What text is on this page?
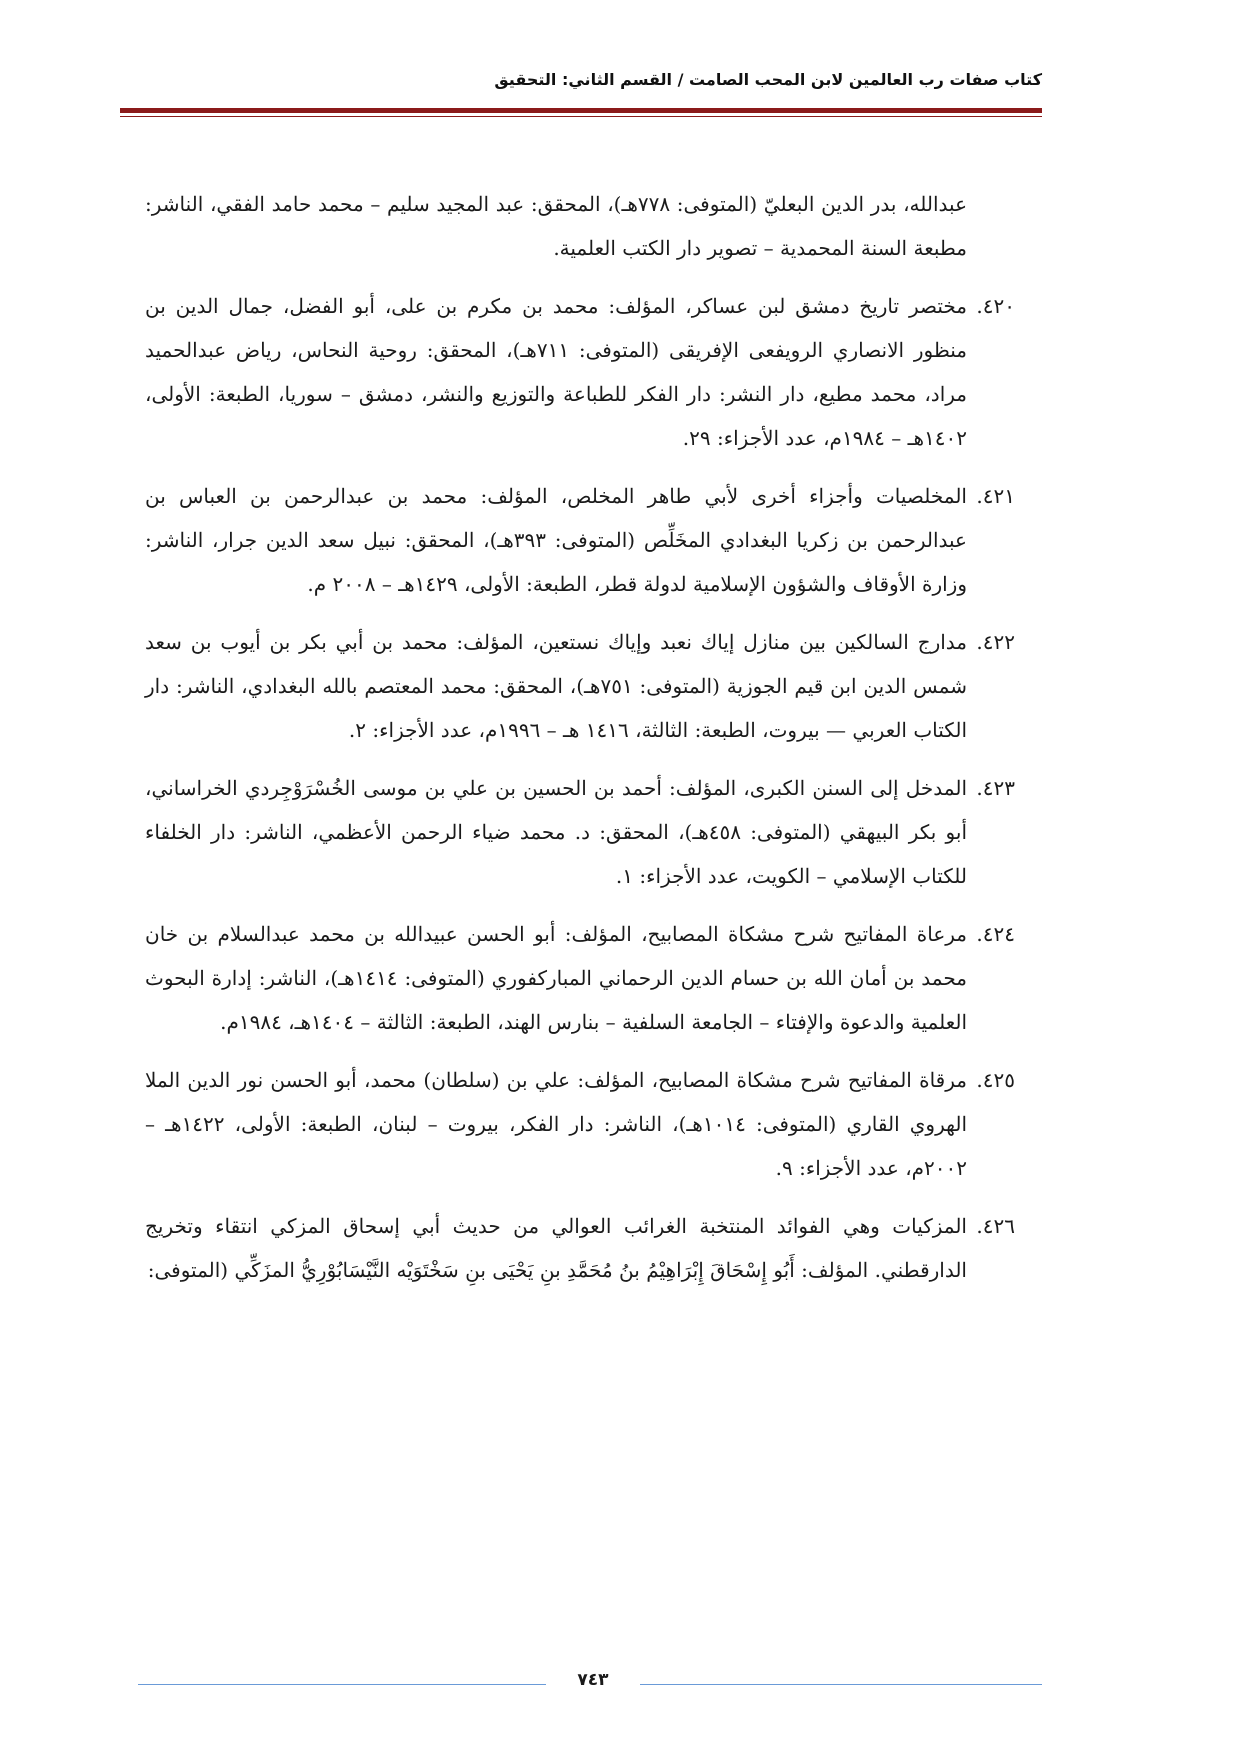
كتاب صفات رب العالمين لابن المحب الصامت / القسم الثاني: التحقيق
عبدالله، بدر الدين البعليّ (المتوفى: ٧٧٨هـ)، المحقق: عبد المجيد سليم – محمد حامد الفقي، الناشر: مطبعة السنة المحمدية – تصوير دار الكتب العلمية.
٤٢٠.
مختصر تاريخ دمشق لبن عساكر، المؤلف: محمد بن مكرم بن على، أبو الفضل، جمال الدين بن منظور الانصاري الرويفعى الإفريقى (المتوفى: ٧١١هـ)، المحقق: روحية النحاس، رياض عبدالحميد مراد، محمد مطيع، دار النشر: دار الفكر للطباعة والتوزيع والنشر، دمشق – سوريا، الطبعة: الأولى، ١٤٠٢هـ – ١٩٨٤م، عدد الأجزاء: ٢٩.
٤٢١.
المخلصيات وأجزاء أخرى لأبي طاهر المخلص، المؤلف: محمد بن عبدالرحمن بن العباس بن عبدالرحمن بن زكريا البغدادي المخَلِّص (المتوفى: ٣٩٣هـ)، المحقق: نبيل سعد الدين جرار، الناشر: وزارة الأوقاف والشؤون الإسلامية لدولة قطر، الطبعة: الأولى، ١٤٢٩هـ – ٢٠٠٨ م.
٤٢٢.
مدارج السالكين بين منازل إياك نعبد وإياك نستعين، المؤلف: محمد بن أبي بكر بن أيوب بن سعد شمس الدين ابن قيم الجوزية (المتوفى: ٧٥١هـ)، المحقق: محمد المعتصم بالله البغدادي، الناشر: دار الكتاب العربي — بيروت، الطبعة: الثالثة، ١٤١٦ هـ – ١٩٩٦م، عدد الأجزاء: ٢.
٤٢٣.
المدخل إلى السنن الكبرى، المؤلف: أحمد بن الحسين بن علي بن موسى الخُسْرَوْجِردي الخراساني، أبو بكر البيهقي (المتوفى: ٤٥٨هـ)، المحقق: د. محمد ضياء الرحمن الأعظمي، الناشر: دار الخلفاء للكتاب الإسلامي – الكويت، عدد الأجزاء: ١.
٤٢٤.
مرعاة المفاتيح شرح مشكاة المصابيح، المؤلف: أبو الحسن عبيدالله بن محمد عبدالسلام بن خان محمد بن أمان الله بن حسام الدين الرحماني المباركفوري (المتوفى: ١٤١٤هـ)، الناشر: إدارة البحوث العلمية والدعوة والإفتاء – الجامعة السلفية – بنارس الهند، الطبعة: الثالثة – ١٤٠٤هـ، ١٩٨٤م.
٤٢٥.
مرقاة المفاتيح شرح مشكاة المصابيح، المؤلف: علي بن (سلطان) محمد، أبو الحسن نور الدين الملا الهروي القاري (المتوفى: ١٠١٤هـ)، الناشر: دار الفكر، بيروت – لبنان، الطبعة: الأولى، ١٤٢٢هـ – ٢٠٠٢م، عدد الأجزاء: ٩.
٤٢٦.
المزكيات وهي الفوائد المنتخبة الغرائب العوالي من حديث أبي إسحاق المزكي انتقاء وتخريج الدارقطني. المؤلف: أَبُو إِسْحَاقَ إِبْرَاهِيْمُ بنُ مُحَمَّدِ بنِ يَحْيَى بنِ سَخْتَوَيْه النَّيْسَابُوْرِيُّ المزَكِّي (المتوفى:
٧٤٣
